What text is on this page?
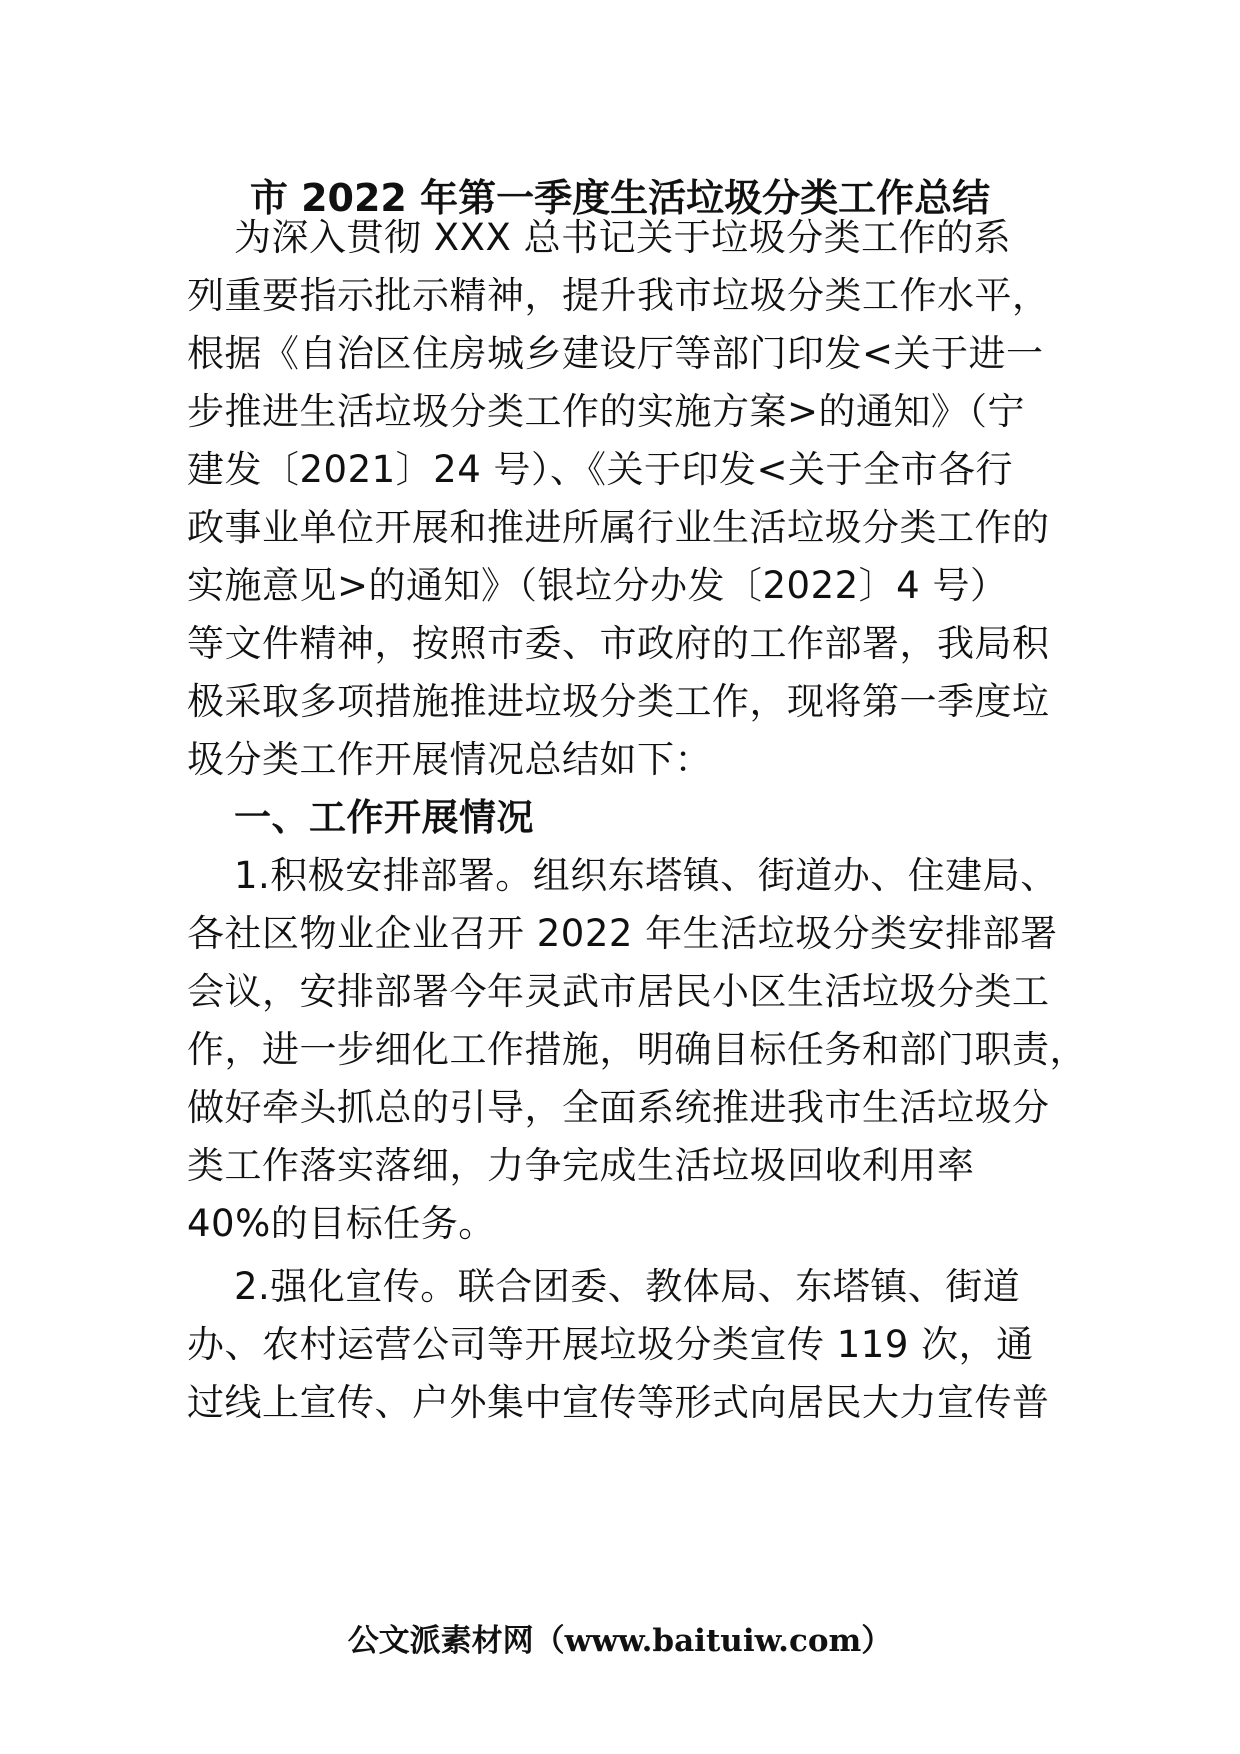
市 2022 年第一季度生活垃圾分类工作总结
为深入贯彻 XXX 总书记关于垃圾分类工作的系
列重要指示批示精神，提升我市垃圾分类工作水平，
根据《自治区住房城乡建设厅等部门印发<关于进一
步推进生活垃圾分类工作的实施方案>的通知》（宁
建发〔2021〕24 号）、《关于印发<关于全市各行
政事业单位开展和推进所属行业生活垃圾分类工作的
实施意见>的通知》（银垃分办发〔2022〕4 号）
等文件精神，按照市委、市政府的工作部署，我局积
极采取多项措施推进垃圾分类工作，现将第一季度垃
圾分类工作开展情况总结如下：
一、工作开展情况
1.积极安排部署。组织东塔镇、街道办、住建局、
各社区物业企业召开 2022 年生活垃圾分类安排部署
会议，安排部署今年灵武市居民小区生活垃圾分类工
作，进一步细化工作措施，明确目标任务和部门职责，
做好牵头抓总的引导，全面系统推进我市生活垃圾分
类工作落实落细，力争完成生活垃圾回收利用率
40%的目标任务。
2.强化宣传。联合团委、教体局、东塔镇、街道
办、农村运营公司等开展垃圾分类宣传 119 次，通
过线上宣传、户外集中宣传等形式向居民大力宣传普
公文派素材网（www.baituiw.com）
